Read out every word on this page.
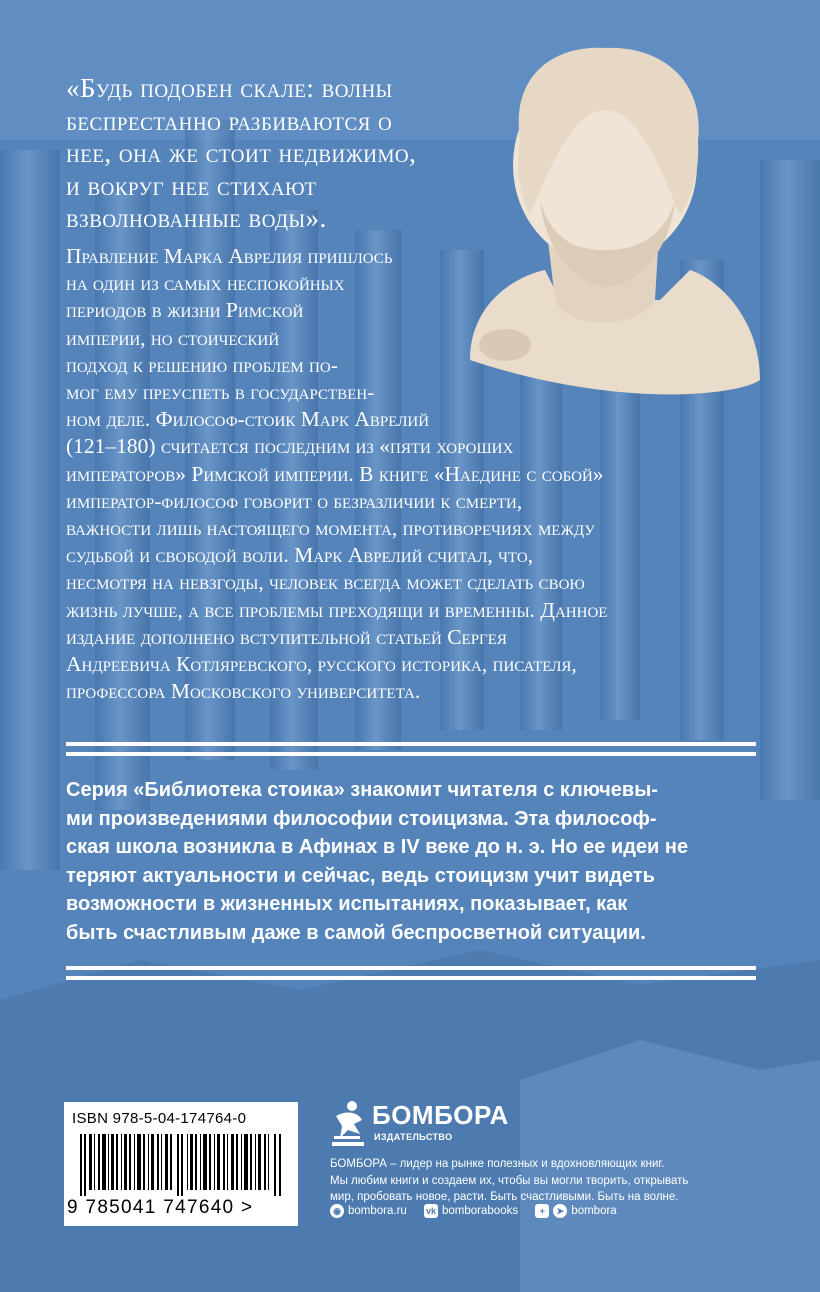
«Будь подобен скале: волны
беспрестанно разбиваются о
нее, она же стоит недвижимо,
и вокруг нее стихают
взволнованные воды».
Правление Марка Аврелия пришлось
на один из самых неспокойных
периодов в жизни Римской
империи, но стоический
подход к решению проблем по-
мог ему преуспеть в государствен-
ном деле. Философ-стоик Марк Аврелий
(121–180) считается последним из «пяти хороших
императоров» Римской империи. В книге «Наедине с собой»
император-философ говорит о безразличии к смерти,
важности лишь настоящего момента, противоречиях между
судьбой и свободой воли. Марк Аврелий считал, что,
несмотря на невзгоды, человек всегда может сделать свою
жизнь лучше, а все проблемы преходящи и временны. Данное
издание дополнено вступительной статьей Сергея
Андреевича Котляревского, русского историка, писателя,
профессора Московского университета.
Серия «Библиотека стоика» знакомит читателя с ключевы-
ми произведениями философии стоицизма. Эта философ-
ская школа возникла в Афинах в IV веке до н. э. Но ее идеи не
теряют актуальности и сейчас, ведь стоицизм учит видеть
возможности в жизненных испытаниях, показывает, как
быть счастливым даже в самой беспросветной ситуации.
ISBN 978-5-04-174764-0
9 785041 747640 >
БОМБОРА
ИЗДАТЕЛЬСТВО
БОМБОРА – лидер на рынке полезных и вдохновляющих книг.
Мы любим книги и создаем их, чтобы вы могли творить, открывать
мир, пробовать новое, расти. Быть счастливыми. Быть на волне.
◉ bombora.ru
vk bomborabooks
	+	➤ bombora
